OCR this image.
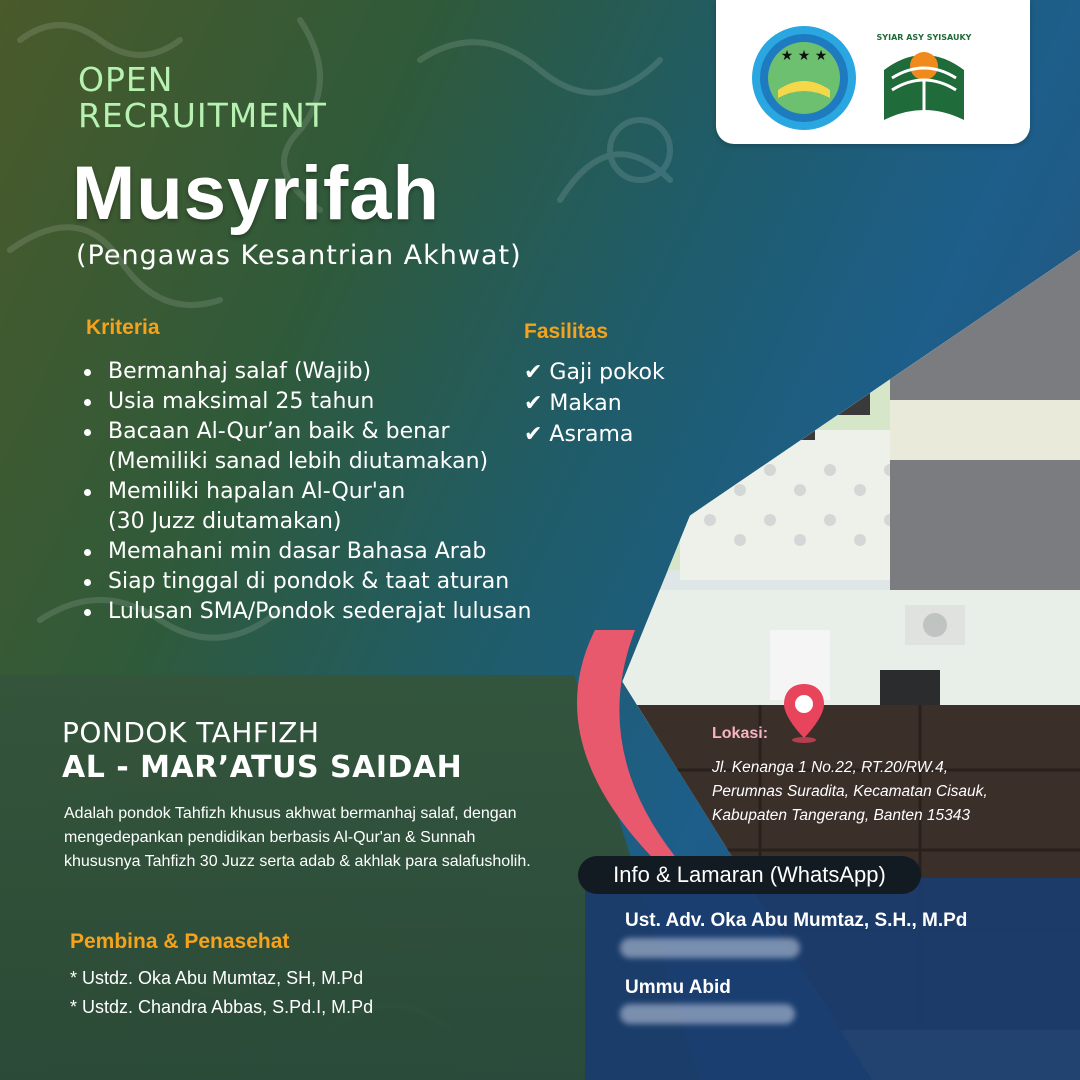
★ ★ ★
SYIAR ASY SYISAUKY
OPEN
RECRUITMENT
Musyrifah
(Pengawas Kesantrian Akhwat)
Kriteria
Bermanhaj salaf (Wajib)
Usia maksimal 25 tahun
Bacaan Al-Qur’an baik & benar
(Memiliki sanad lebih diutamakan)
Memiliki hapalan Al-Qur'an
(30 Juzz diutamakan)
Memahani min dasar Bahasa Arab
Siap tinggal di pondok & taat aturan
Lulusan SMA/Pondok sederajat lulusan
Fasilitas
✔ Gaji pokok
✔ Makan
✔ Asrama
PONDOK TAHFIZH
AL - MAR’ATUS SAIDAH
Adalah pondok Tahfizh khusus akhwat bermanhaj salaf, dengan mengedepankan pendidikan berbasis Al-Qur'an & Sunnah khususnya Tahfizh 30 Juzz serta adab & akhlak para salafusholih.
Pembina & Penasehat
* Ustdz. Oka Abu Mumtaz, SH, M.Pd
* Ustdz. Chandra Abbas, S.Pd.I, M.Pd
Lokasi:
Jl. Kenanga 1 No.22, RT.20/RW.4,
Perumnas Suradita, Kecamatan Cisauk,
Kabupaten Tangerang, Banten 15343
Info & Lamaran (WhatsApp)
Ust. Adv. Oka Abu Mumtaz, S.H., M.Pd
Ummu Abid
